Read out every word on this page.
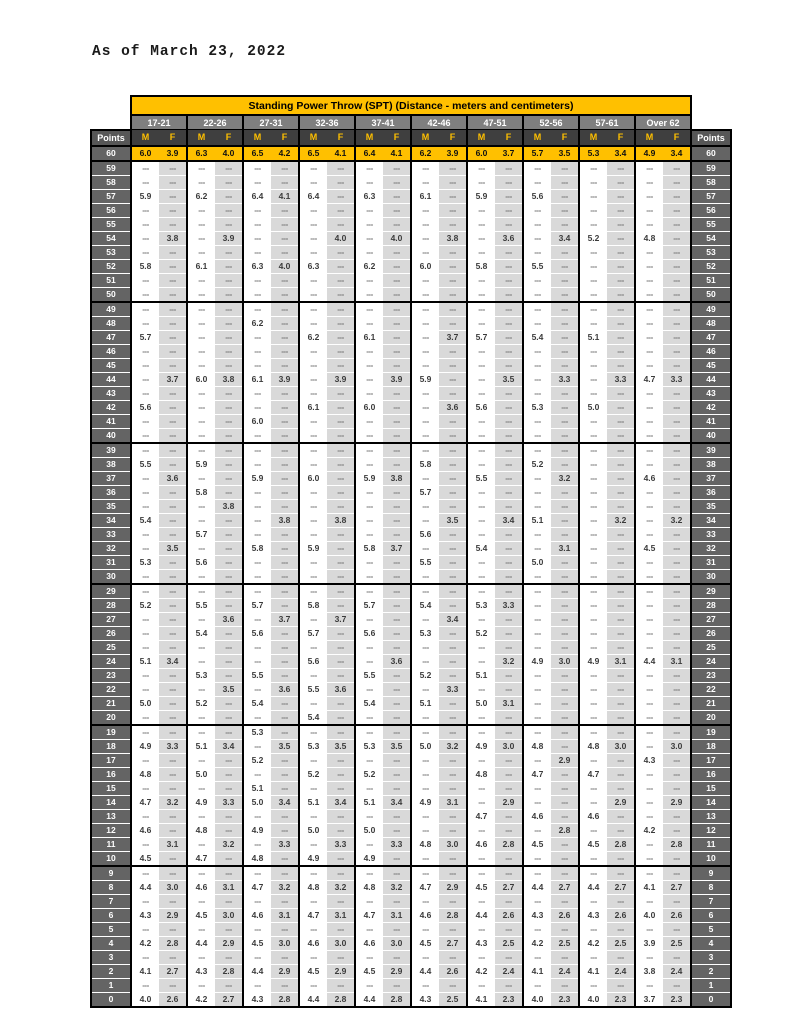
As of March 23, 2022
	Standing Power Throw (SPT) (Distance - meters and centimeters)																				
	17-21		22-26		27-31		32-36		37-41		42-46		47-51		52-56		57-61		Over 62		
Points	M	F	M	F	M	F	M	F	M	F	M	F	M	F	M	F	M	F	M	F	Points
60	6.0	3.9	6.3	4.0	6.5	4.2	6.5	4.1	6.4	4.1	6.2	3.9	6.0	3.7	5.7	3.5	5.3	3.4	4.9	3.4	60
59	---	---	---	---	---	---	---	---	---	---	---	---	---	---	---	---	---	---	---	---	59
58	---	---	---	---	---	---	---	---	---	---	---	---	---	---	---	---	---	---	---	---	58
57	5.9	---	6.2	---	6.4	4.1	6.4	---	6.3	---	6.1	---	5.9	---	5.6	---	---	---	---	---	57
56	---	---	---	---	---	---	---	---	---	---	---	---	---	---	---	---	---	---	---	---	56
55	---	---	---	---	---	---	---	---	---	---	---	---	---	---	---	---	---	---	---	---	55
54	---	3.8	---	3.9	---	---	---	4.0	---	4.0	---	3.8	---	3.6	---	3.4	5.2	---	4.8	---	54
53	---	---	---	---	---	---	---	---	---	---	---	---	---	---	---	---	---	---	---	---	53
52	5.8	---	6.1	---	6.3	4.0	6.3	---	6.2	---	6.0	---	5.8	---	5.5	---	---	---	---	---	52
51	---	---	---	---	---	---	---	---	---	---	---	---	---	---	---	---	---	---	---	---	51
50	---	---	---	---	---	---	---	---	---	---	---	---	---	---	---	---	---	---	---	---	50
49	---	---	---	---	---	---	---	---	---	---	---	---	---	---	---	---	---	---	---	---	49
48	---	---	---	---	6.2	---	---	---	---	---	---	---	---	---	---	---	---	---	---	---	48
47	5.7	---	---	---	---	---	6.2	---	6.1	---	---	3.7	5.7	---	5.4	---	5.1	---	---	---	47
46	---	---	---	---	---	---	---	---	---	---	---	---	---	---	---	---	---	---	---	---	46
45	---	---	---	---	---	---	---	---	---	---	---	---	---	---	---	---	---	---	---	---	45
44	---	3.7	6.0	3.8	6.1	3.9	---	3.9	---	3.9	5.9	---	---	3.5	---	3.3	---	3.3	4.7	3.3	44
43	---	---	---	---	---	---	---	---	---	---	---	---	---	---	---	---	---	---	---	---	43
42	5.6	---	---	---	---	---	6.1	---	6.0	---	---	3.6	5.6	---	5.3	---	5.0	---	---	---	42
41	---	---	---	---	6.0	---	---	---	---	---	---	---	---	---	---	---	---	---	---	---	41
40	---	---	---	---	---	---	---	---	---	---	---	---	---	---	---	---	---	---	---	---	40
39	---	---	---	---	---	---	---	---	---	---	---	---	---	---	---	---	---	---	---	---	39
38	5.5	---	5.9	---	---	---	---	---	---	---	5.8	---	---	---	5.2	---	---	---	---	---	38
37	---	3.6	---	---	5.9	---	6.0	---	5.9	3.8	---	---	5.5	---	---	3.2	---	---	4.6	---	37
36	---	---	5.8	---	---	---	---	---	---	---	5.7	---	---	---	---	---	---	---	---	---	36
35	---	---	---	3.8	---	---	---	---	---	---	---	---	---	---	---	---	---	---	---	---	35
34	5.4	---	---	---	---	3.8	---	3.8	---	---	---	3.5	---	3.4	5.1	---	---	3.2	---	3.2	34
33	---	---	5.7	---	---	---	---	---	---	---	5.6	---	---	---	---	---	---	---	---	---	33
32	---	3.5	---	---	5.8	---	5.9	---	5.8	3.7	---	---	5.4	---	---	3.1	---	---	4.5	---	32
31	5.3	---	5.6	---	---	---	---	---	---	---	5.5	---	---	---	5.0	---	---	---	---	---	31
30	---	---	---	---	---	---	---	---	---	---	---	---	---	---	---	---	---	---	---	---	30
29	---	---	---	---	---	---	---	---	---	---	---	---	---	---	---	---	---	---	---	---	29
28	5.2	---	5.5	---	5.7	---	5.8	---	5.7	---	5.4	---	5.3	3.3	---	---	---	---	---	---	28
27	---	---	---	3.6	---	3.7	---	3.7	---	---	---	3.4	---	---	---	---	---	---	---	---	27
26	---	---	5.4	---	5.6	---	5.7	---	5.6	---	5.3	---	5.2	---	---	---	---	---	---	---	26
25	---	---	---	---	---	---	---	---	---	---	---	---	---	---	---	---	---	---	---	---	25
24	5.1	3.4	---	---	---	---	5.6	---	---	3.6	---	---	---	3.2	4.9	3.0	4.9	3.1	4.4	3.1	24
23	---	---	5.3	---	5.5	---	---	---	5.5	---	5.2	---	5.1	---	---	---	---	---	---	---	23
22	---	---	---	3.5	---	3.6	5.5	3.6	---	---	---	3.3	---	---	---	---	---	---	---	---	22
21	5.0	---	5.2	---	5.4	---	---	---	5.4	---	5.1	---	5.0	3.1	---	---	---	---	---	---	21
20	---	---	---	---	---	---	5.4	---	---	---	---	---	---	---	---	---	---	---	---	---	20
19	---	---	---	---	5.3	---	---	---	---	---	---	---	---	---	---	---	---	---	---	---	19
18	4.9	3.3	5.1	3.4	---	3.5	5.3	3.5	5.3	3.5	5.0	3.2	4.9	3.0	4.8	---	4.8	3.0	---	3.0	18
17	---	---	---	---	5.2	---	---	---	---	---	---	---	---	---	---	2.9	---	---	4.3	---	17
16	4.8	---	5.0	---	---	---	5.2	---	5.2	---	---	---	4.8	---	4.7	---	4.7	---	---	---	16
15	---	---	---	---	5.1	---	---	---	---	---	---	---	---	---	---	---	---	---	---	---	15
14	4.7	3.2	4.9	3.3	5.0	3.4	5.1	3.4	5.1	3.4	4.9	3.1	---	2.9	---	---	---	2.9	---	2.9	14
13	---	---	---	---	---	---	---	---	---	---	---	---	4.7	---	4.6	---	4.6	---	---	---	13
12	4.6	---	4.8	---	4.9	---	5.0	---	5.0	---	---	---	---	---	---	2.8	---	---	4.2	---	12
11	---	3.1	---	3.2	---	3.3	---	3.3	---	3.3	4.8	3.0	4.6	2.8	4.5	---	4.5	2.8	---	2.8	11
10	4.5	---	4.7	---	4.8	---	4.9	---	4.9	---	---	---	---	---	---	---	---	---	---	---	10
9	---	---	---	---	---	---	---	---	---	---	---	---	---	---	---	---	---	---	---	---	9
8	4.4	3.0	4.6	3.1	4.7	3.2	4.8	3.2	4.8	3.2	4.7	2.9	4.5	2.7	4.4	2.7	4.4	2.7	4.1	2.7	8
7	---	---	---	---	---	---	---	---	---	---	---	---	---	---	---	---	---	---	---	---	7
6	4.3	2.9	4.5	3.0	4.6	3.1	4.7	3.1	4.7	3.1	4.6	2.8	4.4	2.6	4.3	2.6	4.3	2.6	4.0	2.6	6
5	---	---	---	---	---	---	---	---	---	---	---	---	---	---	---	---	---	---	---	---	5
4	4.2	2.8	4.4	2.9	4.5	3.0	4.6	3.0	4.6	3.0	4.5	2.7	4.3	2.5	4.2	2.5	4.2	2.5	3.9	2.5	4
3	---	---	---	---	---	---	---	---	---	---	---	---	---	---	---	---	---	---	---	---	3
2	4.1	2.7	4.3	2.8	4.4	2.9	4.5	2.9	4.5	2.9	4.4	2.6	4.2	2.4	4.1	2.4	4.1	2.4	3.8	2.4	2
1	---	---	---	---	---	---	---	---	---	---	---	---	---	---	---	---	---	---	---	---	1
0	4.0	2.6	4.2	2.7	4.3	2.8	4.4	2.8	4.4	2.8	4.3	2.5	4.1	2.3	4.0	2.3	4.0	2.3	3.7	2.3	0
